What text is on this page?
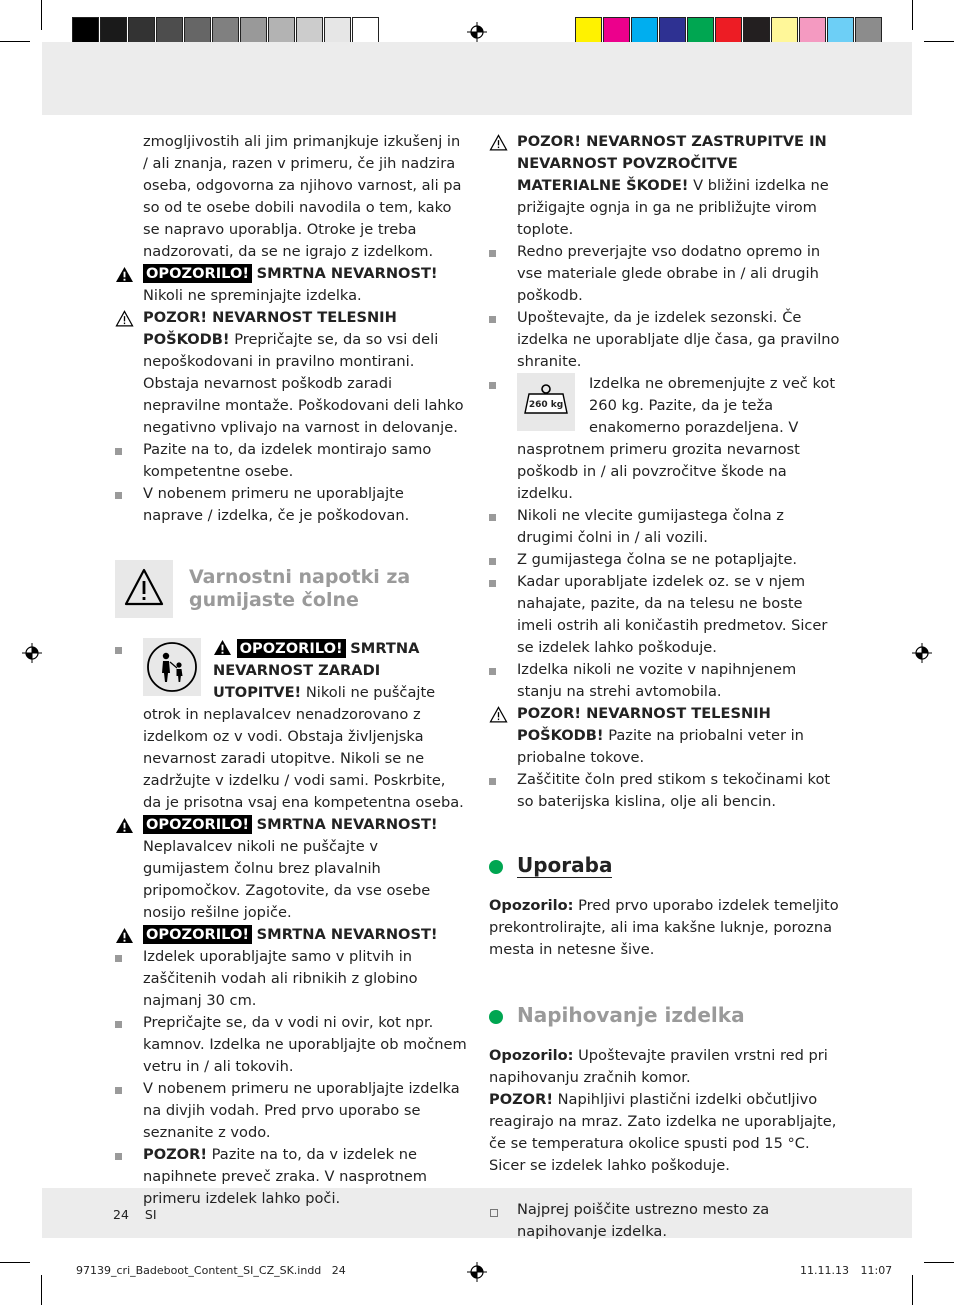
zmogljivostih ali jim primanjkuje izkušenj in / ali znanja, razen v primeru, če jih nadzira oseba, odgovorna za njihovo varnost, ali pa so od te osebe dobili navodila o tem, kako se napravo uporablja. Otroke je treba nadzorovati, da se ne igrajo z izdelkom.

OPOZORILO! SMRTNA NEVARNOST!
Nikoli ne spreminjajte izdelka.
POZOR! NEVARNOST TELESNIH POŠKODB! Prepričajte se, da so vsi deli nepoškodovani in pravilno montirani. Obstaja nevarnost poškodb zaradi nepravilne montaže. Poškodovani deli lahko negativno vplivajo na varnost in delovanje.
Pazite na to, da izdelek montirajo samo kompetentne osebe.
V nobenem primeru ne uporabljajte naprave / izdelka, če je poškodovan.
Varnostni napotki za gumijaste čolne
OPOZORILO! SMRTNA NEVARNOST ZARADI UTOPITVE! Nikoli ne puščajte otrok in neplavalcev nenadzorovano z izdelkom oz v vodi. Obstaja življenjska nevarnost zaradi utopitve. Nikoli se ne zadržujte v izdelku / vodi sami. Poskrbite, da je prisotna vsaj ena kompetentna oseba.
OPOZORILO! SMRTNA NEVARNOST!
Neplavalcev nikoli ne puščajte v gumijastem čolnu brez plavalnih pripomočkov. Zagotovite, da vse osebe nosijo rešilne jopiče.
OPOZORILO! SMRTNA NEVARNOST!
Izdelek uporabljajte samo v plitvih in zaščitenih vodah ali ribnikih z globino najmanj 30 cm.
Prepričajte se, da v vodi ni ovir, kot npr. kamnov. Izdelka ne uporabljajte ob močnem vetru in / ali tokovih.
V nobenem primeru ne uporabljajte izdelka na divjih vodah. Pred prvo uporabo se seznanite z vodo.
POZOR! Pazite na to, da v izdelek ne napihnete preveč zraka. V nasprotnem primeru izdelek lahko poči.
POZOR! NEVARNOST ZASTRUPITVE IN NEVARNOST POVZROČITVE MATERIALNE ŠKODE! V bližini izdelka ne prižigajte ognja in ga ne približujte virom toplote.
Redno preverjajte vso dodatno opremo in vse materiale glede obrabe in / ali drugih poškodb.
Upoštevajte, da je izdelek sezonski. Če izdelka ne uporabljate dlje časa, ga pravilno shranite.
260 kg
Izdelka ne obremenjujte z več kot 260 kg. Pazite, da je teža enakomerno porazdeljena. V nasprotnem primeru grozita nevarnost poškodb in / ali povzročitve škode na izdelku.
Nikoli ne vlecite gumijastega čolna z drugimi čolni in / ali vozili.
Z gumijastega čolna se ne potapljajte.
Kadar uporabljate izdelek oz. se v njem nahajate, pazite, da na telesu ne boste imeli ostrih ali koničastih predmetov. Sicer se izdelek lahko poškoduje.
Izdelka nikoli ne vozite v napihnjenem stanju na strehi avtomobila.
POZOR! NEVARNOST TELESNIH POŠKODB! Pazite na priobalni veter in priobalne tokove.
Zaščitite čoln pred stikom s tekočinami kot so baterijska kislina, olje ali bencin.
Uporaba

Opozorilo: Pred prvo uporabo izdelek temeljito prekontrolirajte, ali ima kakšne luknje, porozna mesta in netesne šive.

Napihovanje izdelka

Opozorilo: Upoštevajte pravilen vrstni red pri napihovanju zračnih komor.

POZOR! Napihljivi plastični izdelki občutljivo reagirajo na mraz. Zato izdelka ne uporabljajte, če se temperatura okolice spusti pod 15 °C. Sicer se izdelek lahko poškoduje.

Najprej poiščite ustrezno mesto za napihovanje izdelka.
24 SI
97139_cri_Badeboot_Content_SI_CZ_SK.indd   24	11.11.13 11:07
